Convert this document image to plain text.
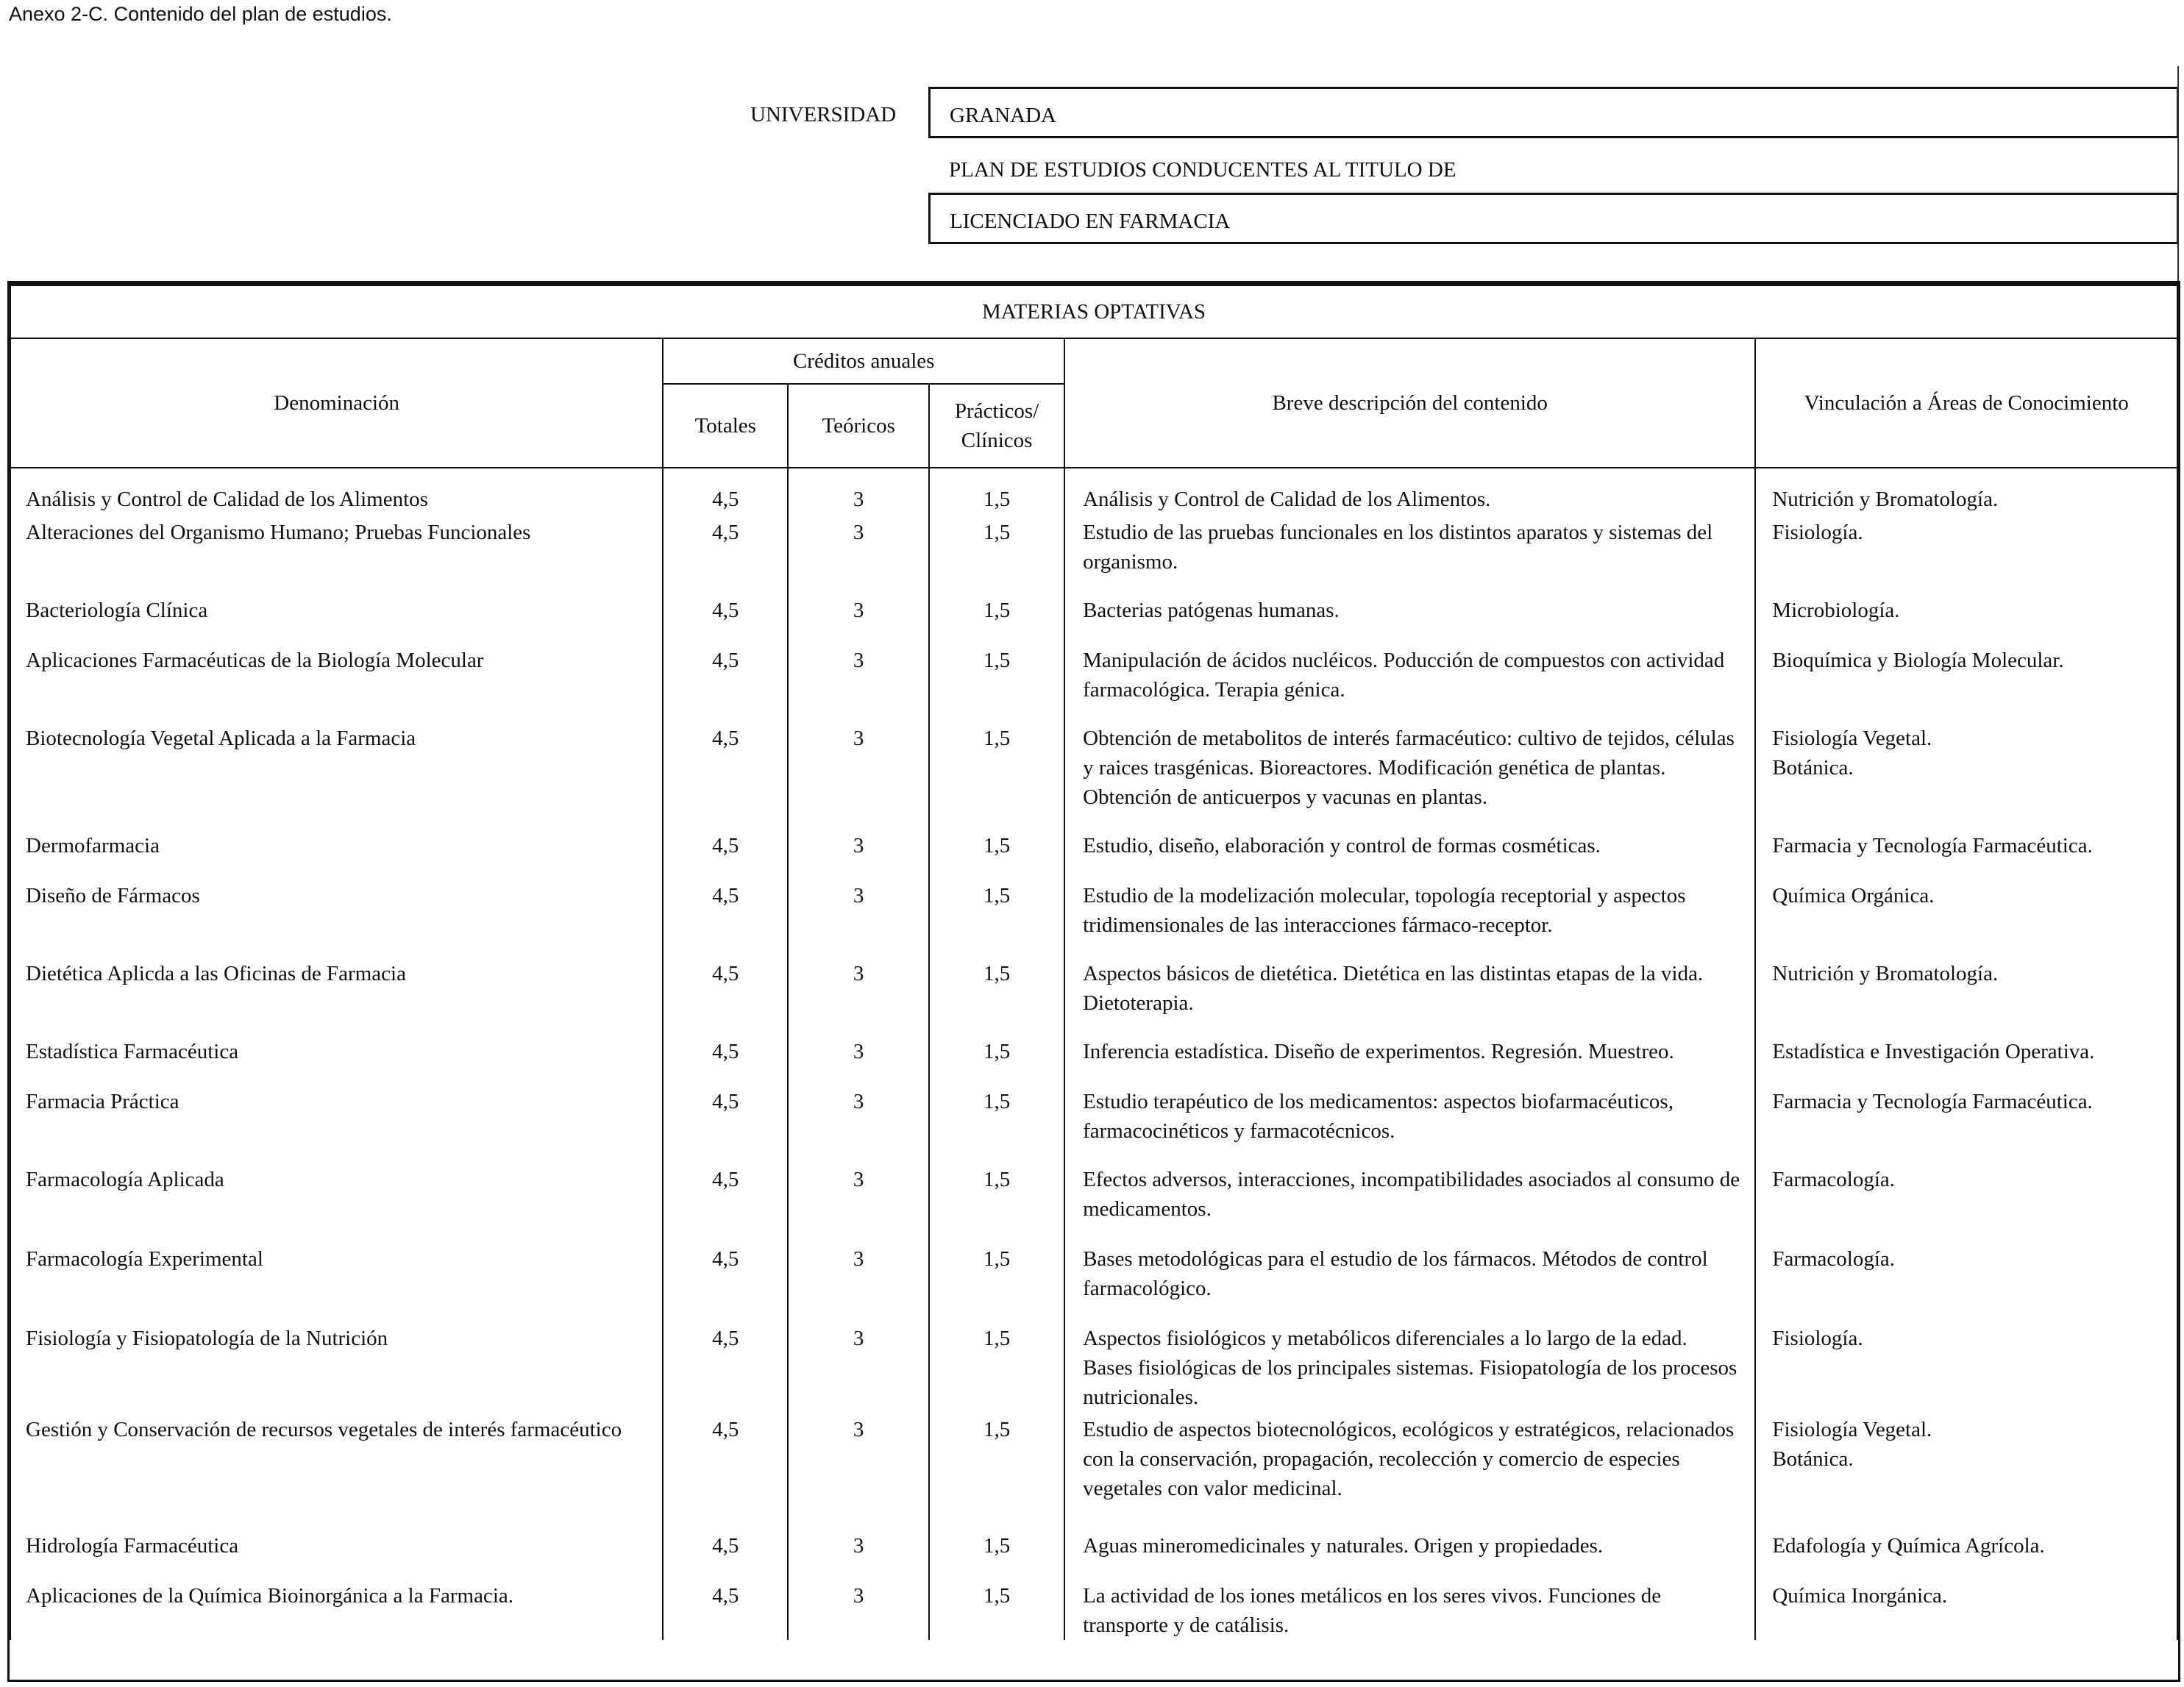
Anexo 2-C. Contenido del plan de estudios.
UNIVERSIDAD	GRANADA
PLAN DE ESTUDIOS CONDUCENTES AL TITULO DE
LICENCIADO EN FARMACIA
MATERIAS OPTATIVAS					
Denominación	Créditos anuales			Breve descripción del contenido	Vinculación a Áreas de Conocimiento
	Totales	Teóricos	Prácticos/ Clínicos		
Análisis y Control de Calidad de los Alimentos	4,5	3	1,5	Análisis y Control de Calidad de los Alimentos.	Nutrición y Bromatología.
Alteraciones del Organismo Humano; Pruebas Funcionales	4,5	3	1,5	Estudio de las pruebas funcionales en los distintos aparatos y sistemas del organismo.	Fisiología.
Bacteriología Clínica	4,5	3	1,5	Bacterias patógenas humanas.	Microbiología.
Aplicaciones Farmacéuticas de la Biología Molecular	4,5	3	1,5	Manipulación de ácidos nucléicos. Poducción de compuestos con actividad farmacológica. Terapia génica.	Bioquímica y Biología Molecular.
Biotecnología Vegetal Aplicada a la Farmacia	4,5	3	1,5	Obtención de metabolitos de interés farmacéutico: cultivo de tejidos, células y raices trasgénicas. Bioreactores. Modificación genética de plantas. Obtención de anticuerpos y vacunas en plantas.	Fisiología Vegetal.
Botánica.
Dermofarmacia	4,5	3	1,5	Estudio, diseño, elaboración y control de formas cosméticas.	Farmacia y Tecnología Farmacéutica.
Diseño de Fármacos	4,5	3	1,5	Estudio de la modelización molecular, topología receptorial y aspectos tridimensionales de las interacciones fármaco-receptor.	Química Orgánica.
Dietética Aplicda a las Oficinas de Farmacia	4,5	3	1,5	Aspectos básicos de dietética. Dietética en las distintas etapas de la vida. Dietoterapia.	Nutrición y Bromatología.
Estadística Farmacéutica	4,5	3	1,5	Inferencia estadística. Diseño de experimentos. Regresión. Muestreo.	Estadística e Investigación Operativa.
Farmacia Práctica	4,5	3	1,5	Estudio terapéutico de los medicamentos: aspectos biofarmacéuticos, farmacocinéticos y farmacotécnicos.	Farmacia y Tecnología Farmacéutica.
Farmacología Aplicada	4,5	3	1,5	Efectos adversos, interacciones, incompatibilidades asociados al consumo de medicamentos.	Farmacología.
Farmacología Experimental	4,5	3	1,5	Bases metodológicas para el estudio de los fármacos. Métodos de control farmacológico.	Farmacología.
Fisiología y Fisiopatología de la Nutrición	4,5	3	1,5	Aspectos fisiológicos y metabólicos diferenciales a lo largo de la edad. Bases fisiológicas de los principales sistemas. Fisiopatología de los procesos nutricionales.	Fisiología.
Gestión y Conservación de recursos vegetales de interés farmacéutico	4,5	3	1,5	Estudio de aspectos biotecnológicos, ecológicos y estratégicos, relacionados con la conservación, propagación, recolección y comercio de especies vegetales con valor medicinal.	Fisiología Vegetal.
Botánica.
Hidrología Farmacéutica	4,5	3	1,5	Aguas mineromedicinales y naturales. Origen y propiedades.	Edafología y Química Agrícola.
Aplicaciones de la Química Bioinorgánica a la Farmacia.	4,5	3	1,5	La actividad de los iones metálicos en los seres vivos. Funciones de transporte y de catálisis.	Química Inorgánica.
